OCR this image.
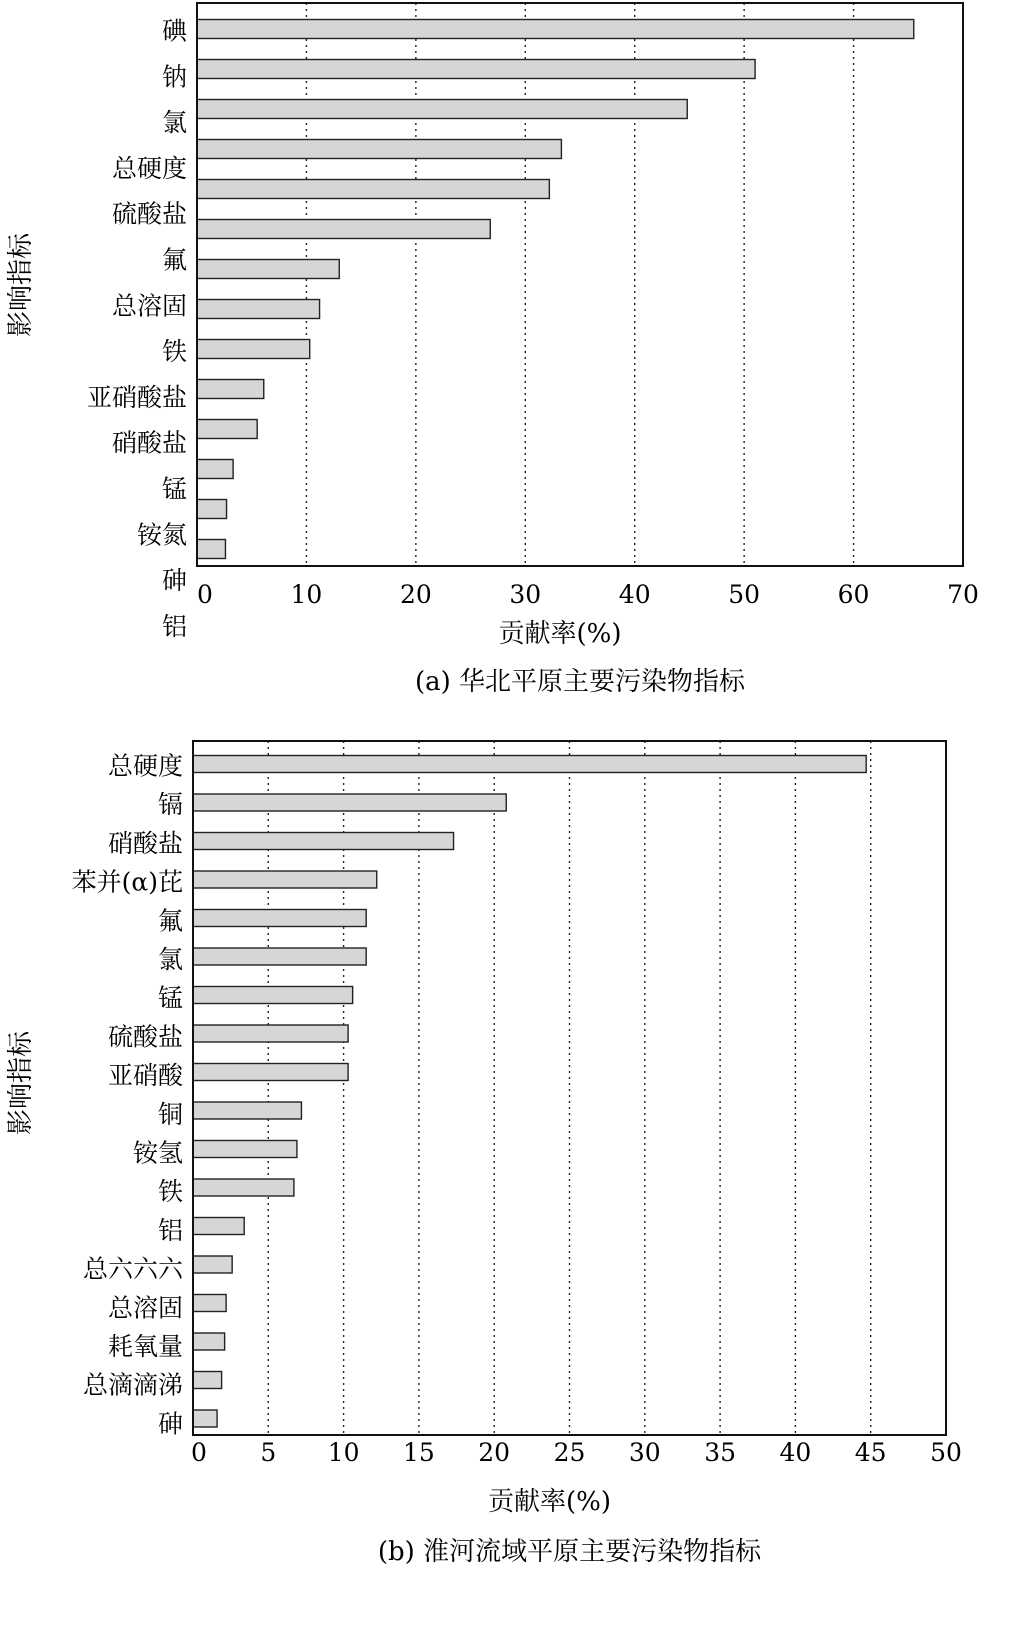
碘
钠
氯
总硬度
硫酸盐
氟
总溶固
铁
亚硝酸盐
硝酸盐
锰
铵氮
砷
铝
0	10	20	30	40	50	60	70
贡献率(%)
影响指标
(a) 华北平原主要污染物指标
总硬度
镉
硝酸盐
苯并(α)芘
氟
氯
锰
硫酸盐
亚硝酸
铜
铵氢
铁
铝
总六六六
总溶固
耗氧量
总滴滴涕
砷
0 5 10 15 20 25 30 35 40 45 50
贡献率(%)
影响指标
(b) 淮河流域平原主要污染物指标
